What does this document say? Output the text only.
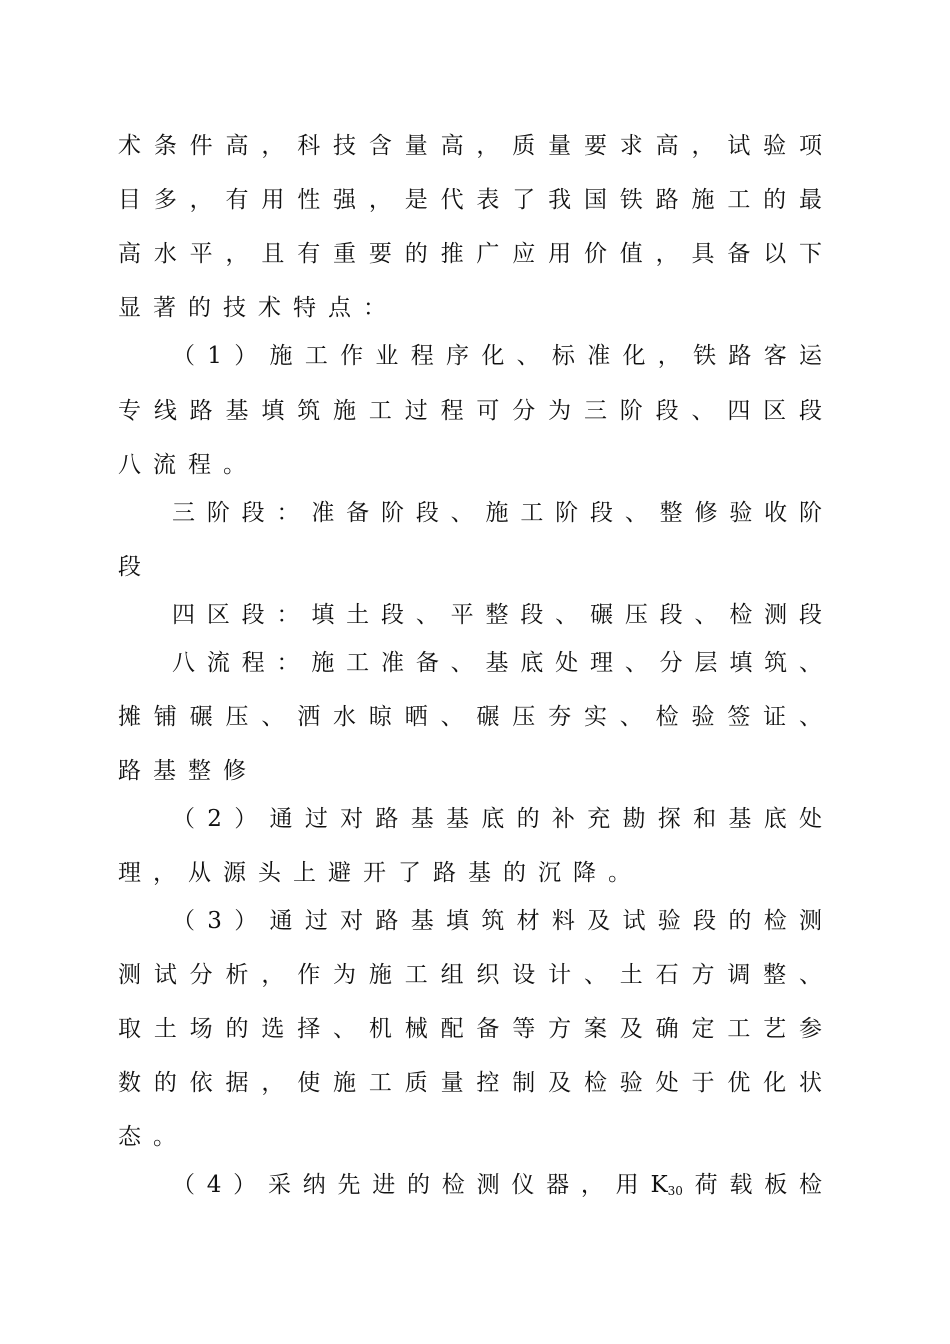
术条件高，科技含量高，质量要求高，试验项
目多，有用性强，是代表了我国铁路施工的最
高水平，且有重要的推广应用价值，具备以下
显著的技术特点：
（1）施工作业程序化、标准化，铁路客运
专线路基填筑施工过程可分为三阶段、四区段
八流程。
三阶段：准备阶段、施工阶段、整修验收阶
段
四区段：填土段、平整段、碾压段、检测段
八流程：施工准备、基底处理、分层填筑、
摊铺碾压、洒水晾晒、碾压夯实、检验签证、
路基整修
（2）通过对路基基底的补充勘探和基底处
理，从源头上避开了路基的沉降。
（3）通过对路基填筑材料及试验段的检测
测试分析，作为施工组织设计、土石方调整、
取土场的选择、机械配备等方案及确定工艺参
数的依据，使施工质量控制及检验处于优化状
态。
（4）采纳先进的检测仪器，用$K_{30}$荷载板检
